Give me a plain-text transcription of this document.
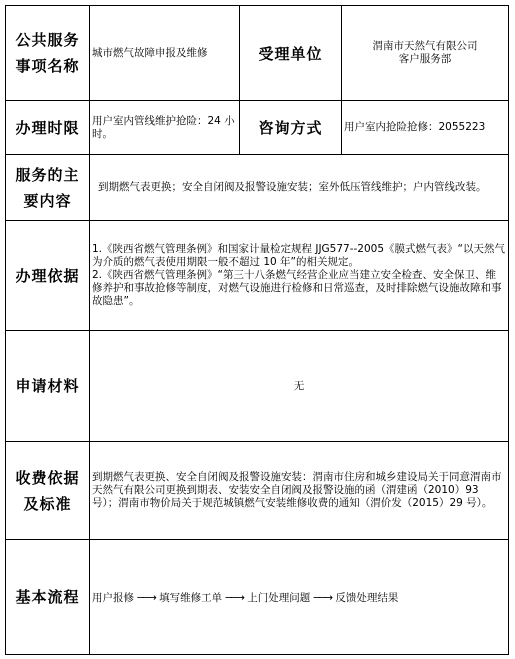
公共服务
事项名称	城市燃气故障申报及维修	受理单位	渭南市天然气有限公司
客户服务部
办理时限	用户室内管线维护抢险：24 小时。	咨询方式	用户室内抢险抢修：2055223
服务的主
要内容	到期燃气表更换；安全自闭阀及报警设施安装；室外低压管线维护；户内管线改装。		
办理依据	1.《陕西省燃气管理条例》和国家计量检定规程 JJG577--2005《膜式燃气表》“以天然气为介质的燃气表使用期限一般不超过 10 年”的相关规定。
2.《陕西省燃气管理条例》“第三十八条燃气经营企业应当建立安全检查、安全保卫、维修养护和事故抢修等制度，对燃气设施进行检修和日常巡查，及时排除燃气设施故障和事故隐患”。		

申请材料	无		
收费依据
及标准	到期燃气表更换、安全自闭阀及报警设施安装：渭南市住房和城乡建设局关于同意渭南市天然气有限公司更换到期表、安装安全自闭阀及报警设施的函（渭建函（2010）93 号）；渭南市物价局关于规范城镇燃气安装维修收费的通知（渭价发（2015）29 号）。		
基本流程	用户报修 ──→ 填写维修工单 ──→ 上门处理问题 ──→ 反馈处理结果		
